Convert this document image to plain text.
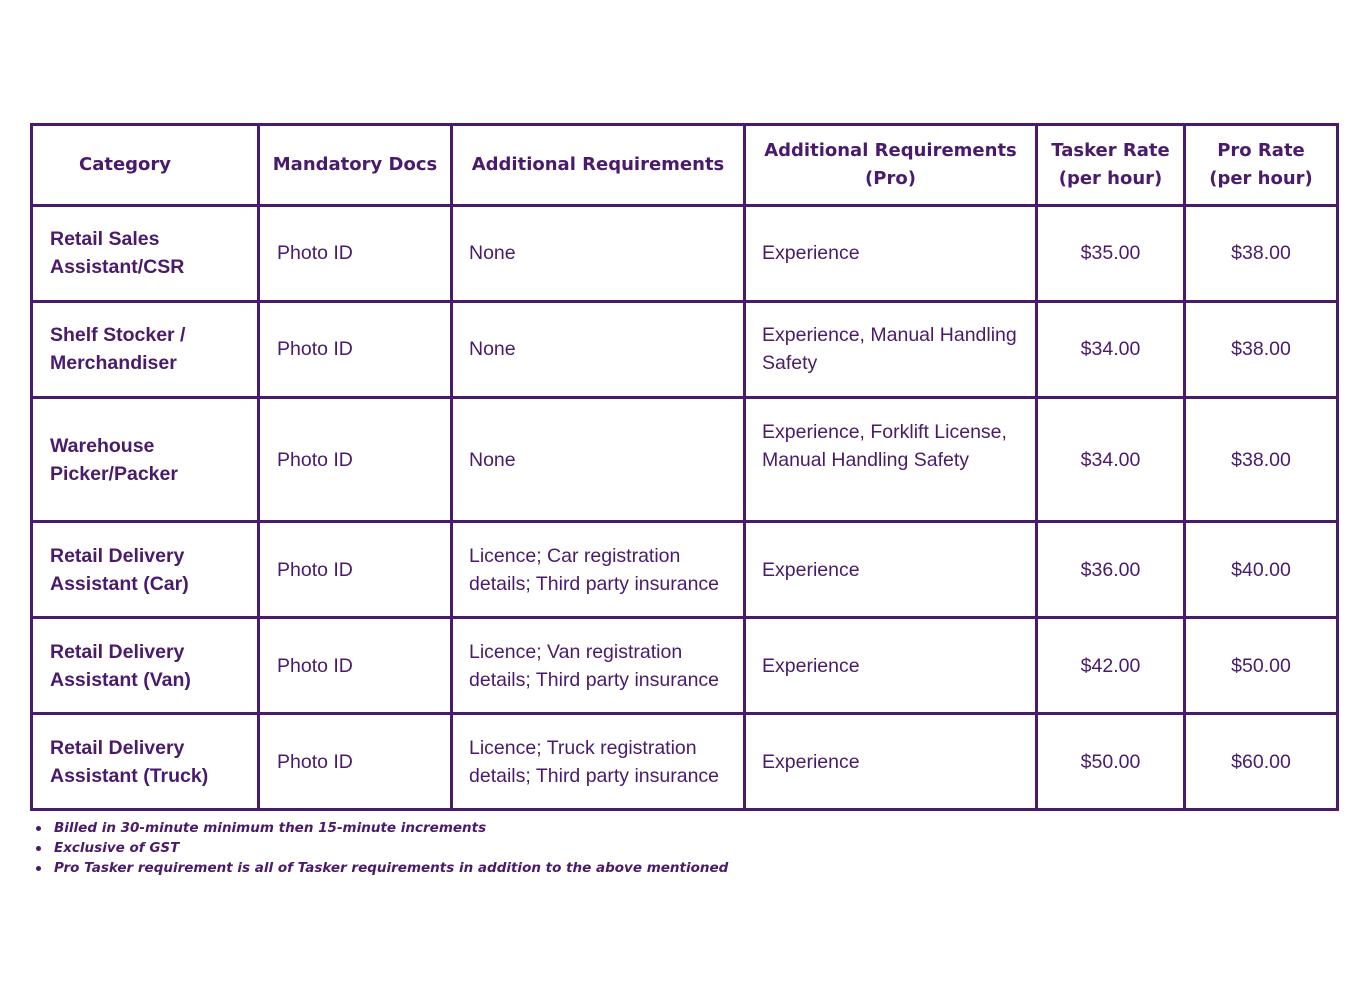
Category	Mandatory Docs	Additional Requirements	Additional Requirements (Pro)	Tasker Rate (per hour)	Pro Rate (per hour)
Retail Sales Assistant/CSR	Photo ID	None	Experience	$35.00	$38.00
Shelf Stocker / Merchandiser	Photo ID	None	Experience, Manual Handling Safety	$34.00	$38.00
Warehouse Picker/Packer	Photo ID	None	Experience, Forklift License, Manual Handling Safety	$34.00	$38.00
Retail Delivery Assistant (Car)	Photo ID	Licence; Car registration details; Third party insurance	Experience	$36.00	$40.00
Retail Delivery Assistant (Van)	Photo ID	Licence; Van registration details; Third party insurance	Experience	$42.00	$50.00
Retail Delivery Assistant (Truck)	Photo ID	Licence; Truck registration details; Third party insurance	Experience	$50.00	$60.00
Billed in 30-minute minimum then 15-minute increments
Exclusive of GST
Pro Tasker requirement is all of Tasker requirements in addition to the above mentioned
